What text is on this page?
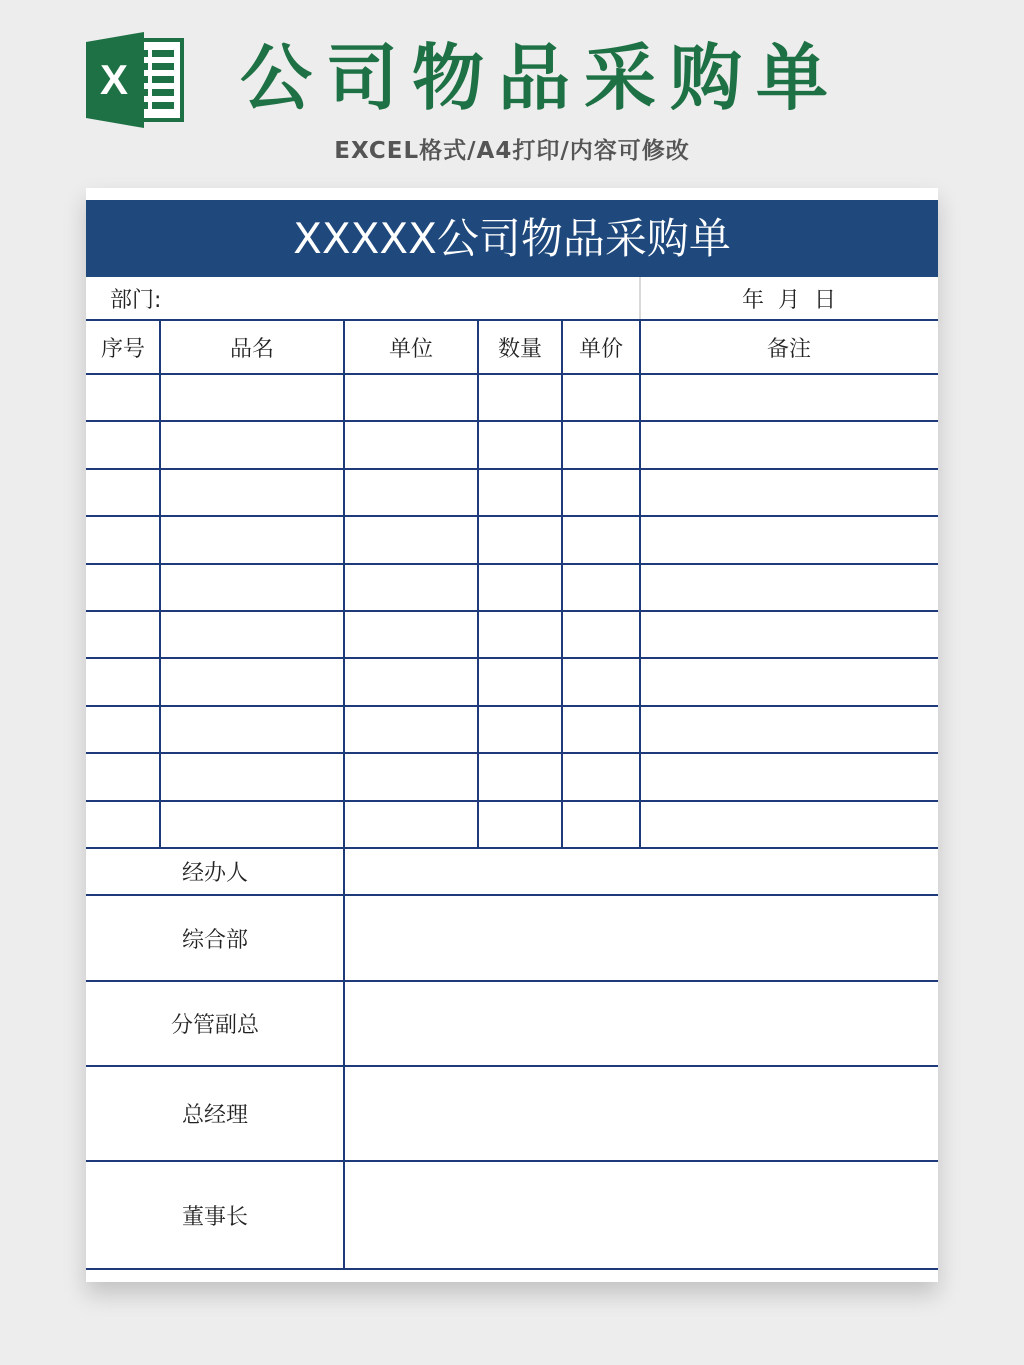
X 公司物品采购单
EXCEL格式/A4打印/内容可修改
XXXXX公司物品采购单
部门:	年  月  日
序号	品名	单位	数量	单价	备注
经办人
综合部
分管副总
总经理
董事长
